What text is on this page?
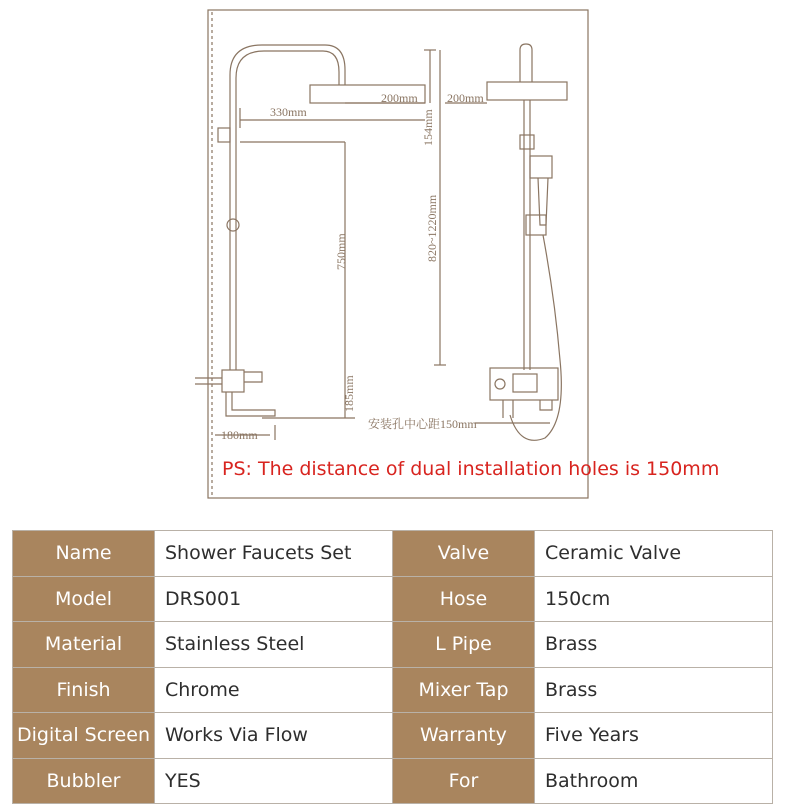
330mm
200mm 200mm
154mm
820~1220mm
750mm
185mm
180mm
安装孔中心距150mm
PS: The distance of dual installation holes is 150mm
Name	Shower Faucets Set	Valve	Ceramic Valve
Model	DRS001	Hose	150cm
Material	Stainless Steel	L Pipe	Brass
Finish	Chrome	Mixer Tap	Brass
Digital Screen	Works Via Flow	Warranty	Five Years
Bubbler	YES	For	Bathroom
